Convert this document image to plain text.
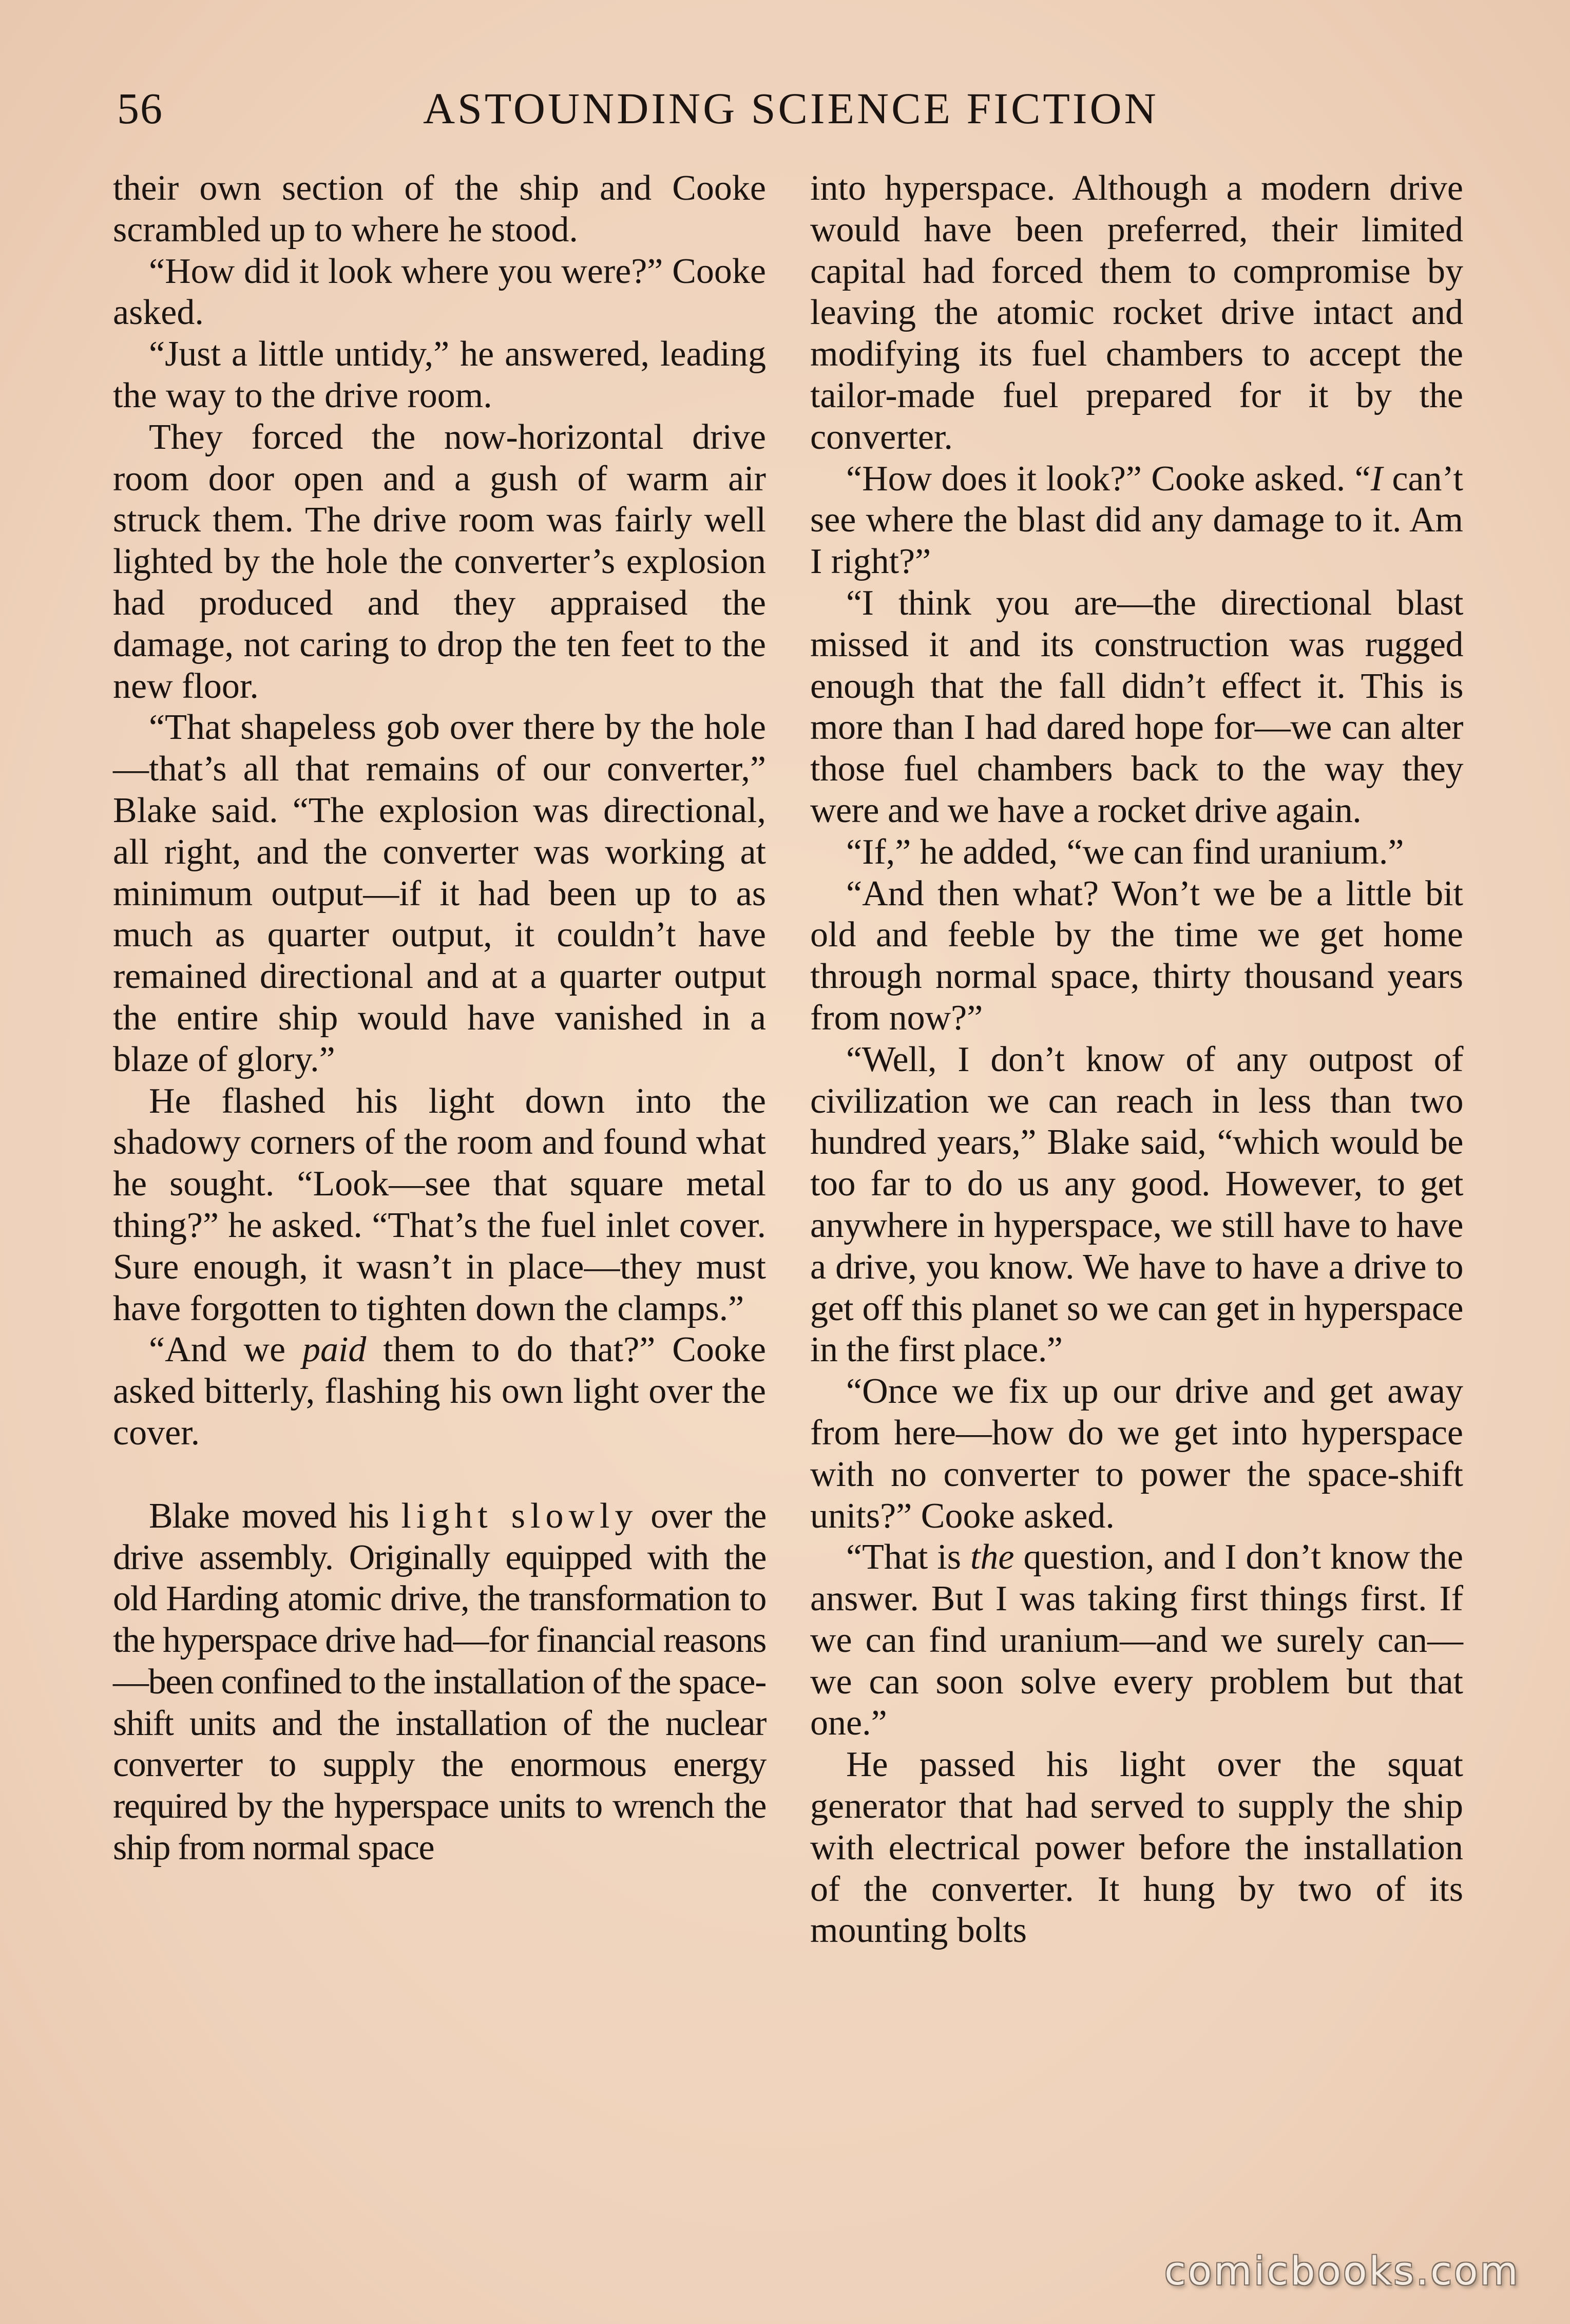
56	ASTOUNDING SCIENCE FICTION

their own section of the ship and Cooke scrambled up to where he stood.

“How did it look where you were?” Cooke asked.

“Just a little untidy,” he answered, leading the way to the drive room.

They forced the now-horizontal drive room door open and a gush of warm air struck them. The drive room was fairly well lighted by the hole the converter’s explosion had produced and they appraised the damage, not caring to drop the ten feet to the new floor.

“That shapeless gob over there by the hole—that’s all that remains of our converter,” Blake said. “The explosion was directional, all right, and the converter was working at minimum output—if it had been up to as much as quarter output, it couldn’t have remained directional and at a quarter output the entire ship would have vanished in a blaze of glory.”

He flashed his light down into the shadowy corners of the room and found what he sought. “Look—see that square metal thing?” he asked. “That’s the fuel inlet cover. Sure enough, it wasn’t in place—they must have forgotten to tighten down the clamps.”

“And we paid them to do that?” Cooke asked bitterly, flashing his own light over the cover.

Blake moved his light slowly over the drive assembly. Originally equipped with the old Harding atomic drive, the transformation to the hyperspace drive had—for financial reasons—been confined to the installation of the space-shift units and the installation of the nuclear converter to supply the enormous energy required by the hyperspace units to wrench the ship from normal space

into hyperspace. Although a modern drive would have been preferred, their limited capital had forced them to compromise by leaving the atomic rocket drive intact and modifying its fuel chambers to accept the tailor-made fuel prepared for it by the converter.

“How does it look?” Cooke asked. “I can’t see where the blast did any damage to it. Am I right?”

“I think you are—the directional blast missed it and its construction was rugged enough that the fall didn’t effect it. This is more than I had dared hope for—we can alter those fuel chambers back to the way they were and we have a rocket drive again.

“If,” he added, “we can find uranium.”

“And then what? Won’t we be a little bit old and feeble by the time we get home through normal space, thirty thousand years from now?”

“Well, I don’t know of any outpost of civilization we can reach in less than two hundred years,” Blake said, “which would be too far to do us any good. However, to get anywhere in hyperspace, we still have to have a drive, you know. We have to have a drive to get off this planet so we can get in hyperspace in the first place.”

“Once we fix up our drive and get away from here—how do we get into hyperspace with no converter to power the space-shift units?” Cooke asked.

“That is the question, and I don’t know the answer. But I was taking first things first. If we can find uranium—and we surely can—we can soon solve every problem but that one.”

He passed his light over the squat generator that had served to supply the ship with electrical power before the installation of the converter. It hung by two of its mounting bolts

comicbooks.com
